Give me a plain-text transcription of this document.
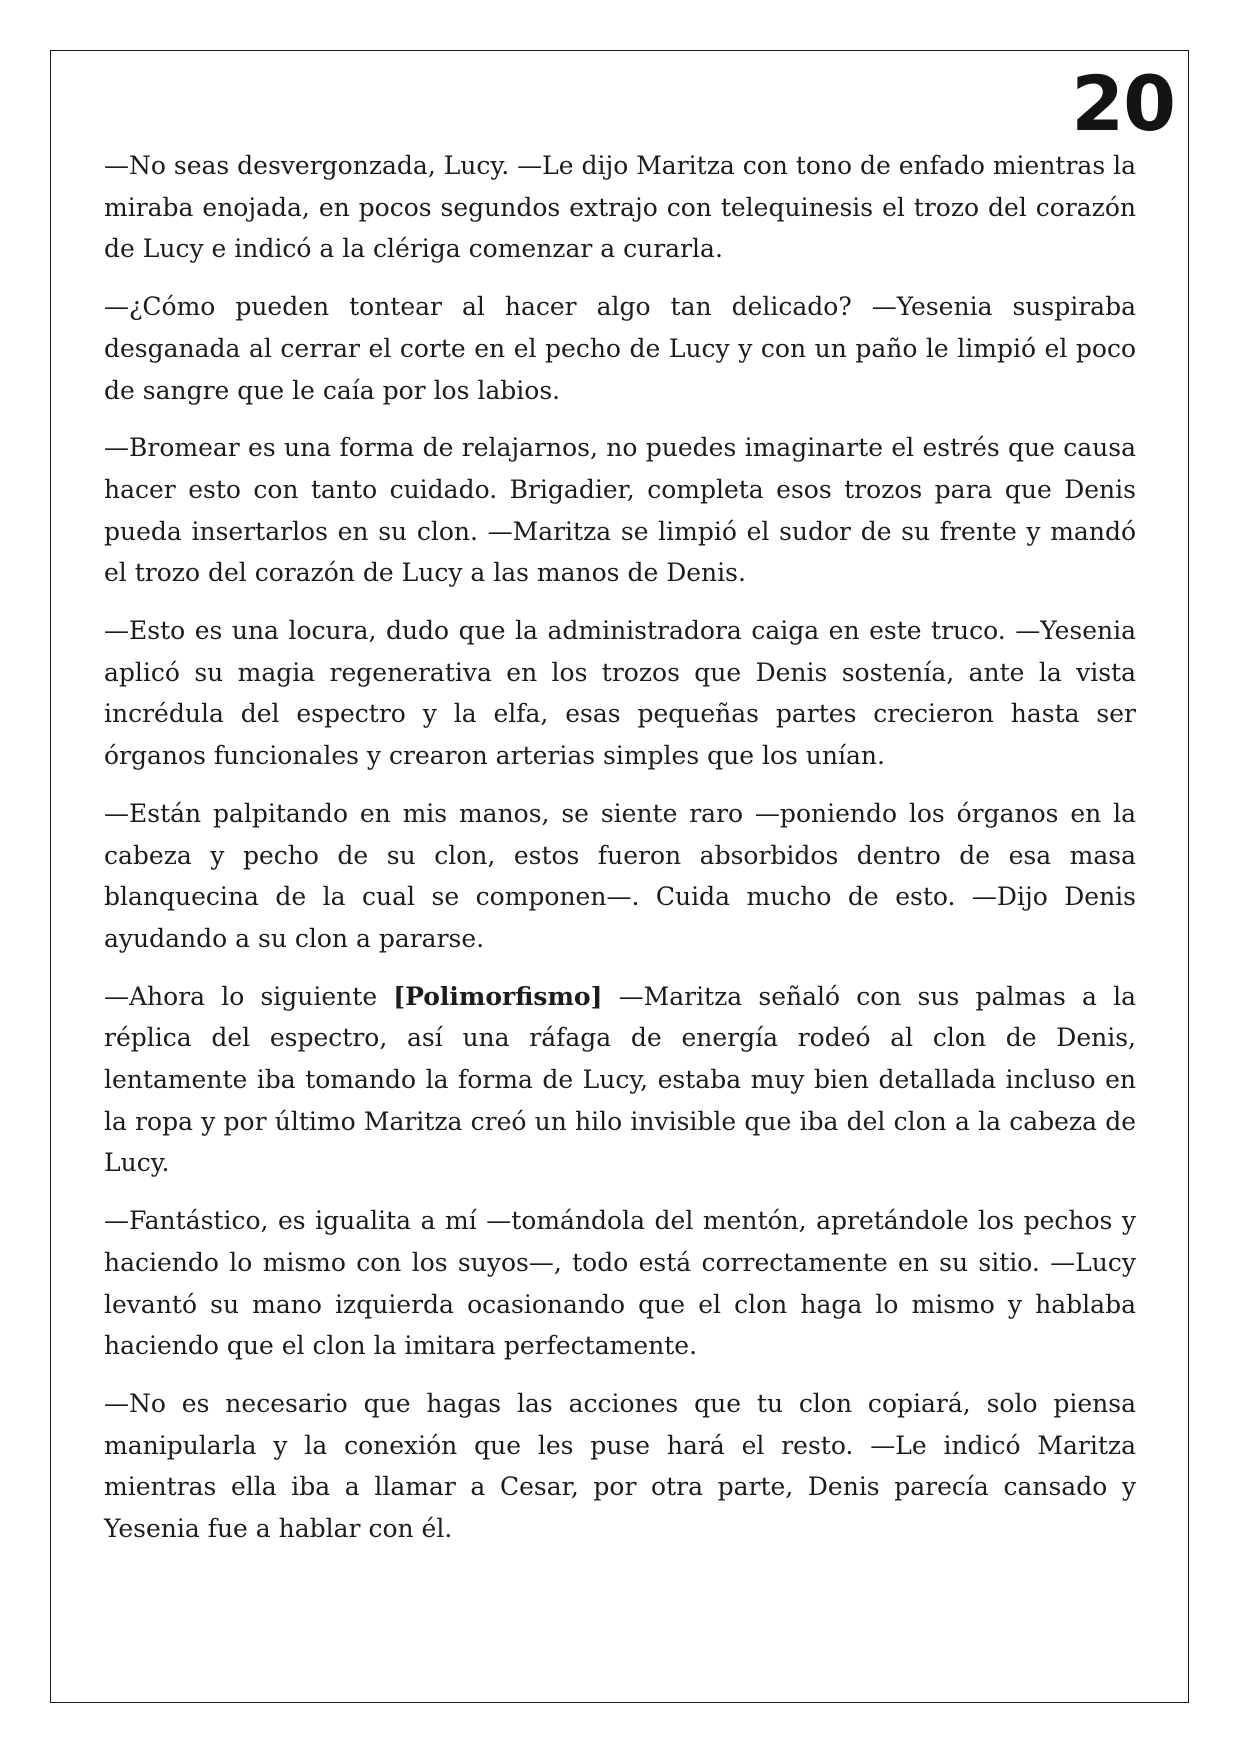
20

—No seas desvergonzada, Lucy. —Le dijo Maritza con tono de enfado mientras la miraba enojada, en pocos segundos extrajo con telequinesis el trozo del corazón de Lucy e indicó a la clériga comenzar a curarla.

—¿Cómo pueden tontear al hacer algo tan delicado? —Yesenia suspiraba desganada al cerrar el corte en el pecho de Lucy y con un paño le limpió el poco de sangre que le caía por los labios.

—Bromear es una forma de relajarnos, no puedes imaginarte el estrés que causa hacer esto con tanto cuidado. Brigadier, completa esos trozos para que Denis pueda insertarlos en su clon. —Maritza se limpió el sudor de su frente y mandó el trozo del corazón de Lucy a las manos de Denis.

—Esto es una locura, dudo que la administradora caiga en este truco. —Yesenia aplicó su magia regenerativa en los trozos que Denis sostenía, ante la vista incrédula del espectro y la elfa, esas pequeñas partes crecieron hasta ser órganos funcionales y crearon arterias simples que los unían.

—Están palpitando en mis manos, se siente raro —poniendo los órganos en la cabeza y pecho de su clon, estos fueron absorbidos dentro de esa masa blanquecina de la cual se componen—. Cuida mucho de esto. —Dijo Denis ayudando a su clon a pararse.

—Ahora lo siguiente [Polimorfismo] —Maritza señaló con sus palmas a la réplica del espectro, así una ráfaga de energía rodeó al clon de Denis, lentamente iba tomando la forma de Lucy, estaba muy bien detallada incluso en la ropa y por último Maritza creó un hilo invisible que iba del clon a la cabeza de Lucy.

—Fantástico, es igualita a mí —tomándola del mentón, apretándole los pechos y haciendo lo mismo con los suyos—, todo está correctamente en su sitio. —Lucy levantó su mano izquierda ocasionando que el clon haga lo mismo y hablaba haciendo que el clon la imitara perfectamente.

—No es necesario que hagas las acciones que tu clon copiará, solo piensa manipularla y la conexión que les puse hará el resto. —Le indicó Maritza mientras ella iba a llamar a Cesar, por otra parte, Denis parecía cansado y Yesenia fue a hablar con él.
